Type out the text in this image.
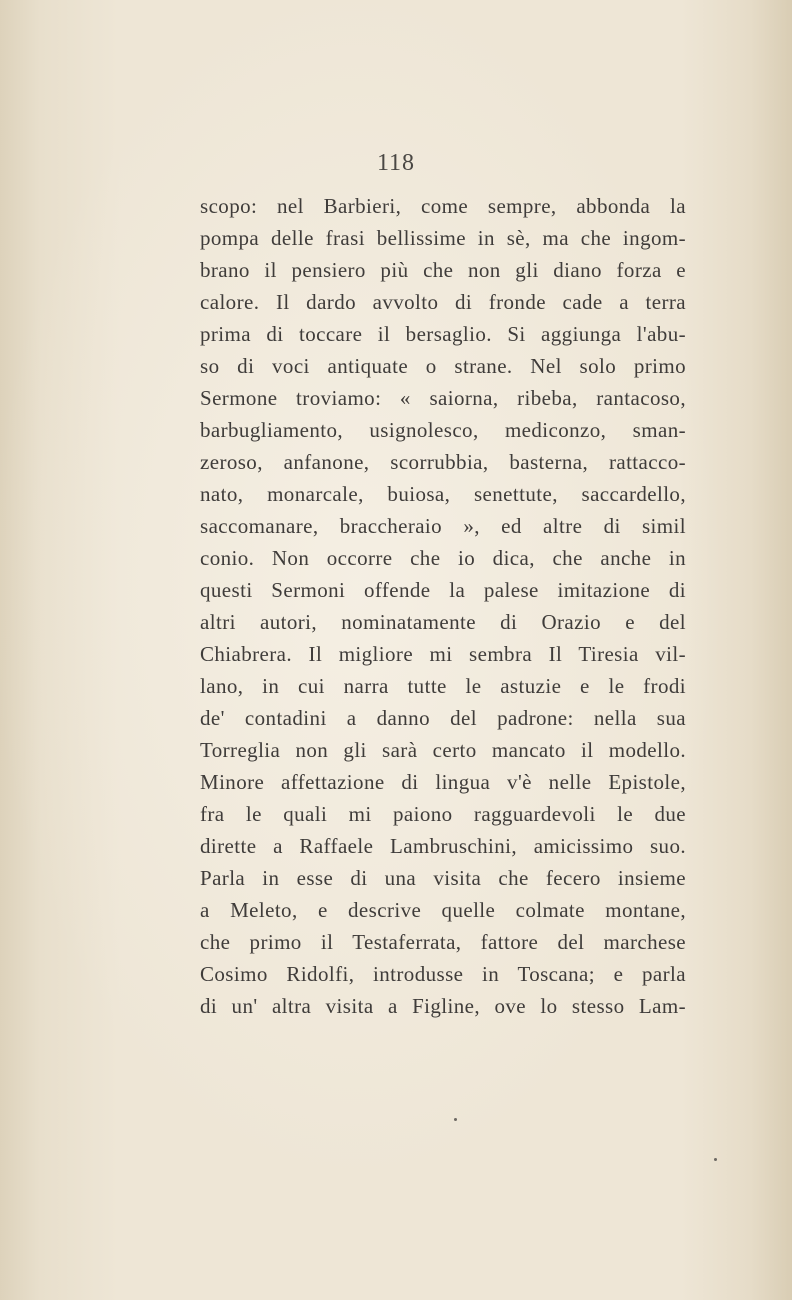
118
scopo: nel Barbieri, come sempre, abbonda la
pompa delle frasi bellissime in sè, ma che ingom-
brano il pensiero più che non gli diano forza e
calore. Il dardo avvolto di fronde cade a terra
prima di toccare il bersaglio. Si aggiunga l'abu-
so di voci antiquate o strane. Nel solo primo
Sermone troviamo: « saiorna, ribeba, rantacoso,
barbugliamento, usignolesco, mediconzo, sman-
zeroso, anfanone, scorrubbia, basterna, rattacco-
nato, monarcale, buiosa, senettute, saccardello,
saccomanare, braccheraio », ed altre di simil
conio. Non occorre che io dica, che anche in
questi Sermoni offende la palese imitazione di
altri autori, nominatamente di Orazio e del
Chiabrera. Il migliore mi sembra Il Tiresia vil-
lano, in cui narra tutte le astuzie e le frodi
de' contadini a danno del padrone: nella sua
Torreglia non gli sarà certo mancato il modello.
Minore affettazione di lingua v'è nelle Epistole,
fra le quali mi paiono ragguardevoli le due
dirette a Raffaele Lambruschini, amicissimo suo.
Parla in esse di una visita che fecero insieme
a Meleto, e descrive quelle colmate montane,
che primo il Testaferrata, fattore del marchese
Cosimo Ridolfi, introdusse in Toscana; e parla
di un' altra visita a Figline, ove lo stesso Lam-
